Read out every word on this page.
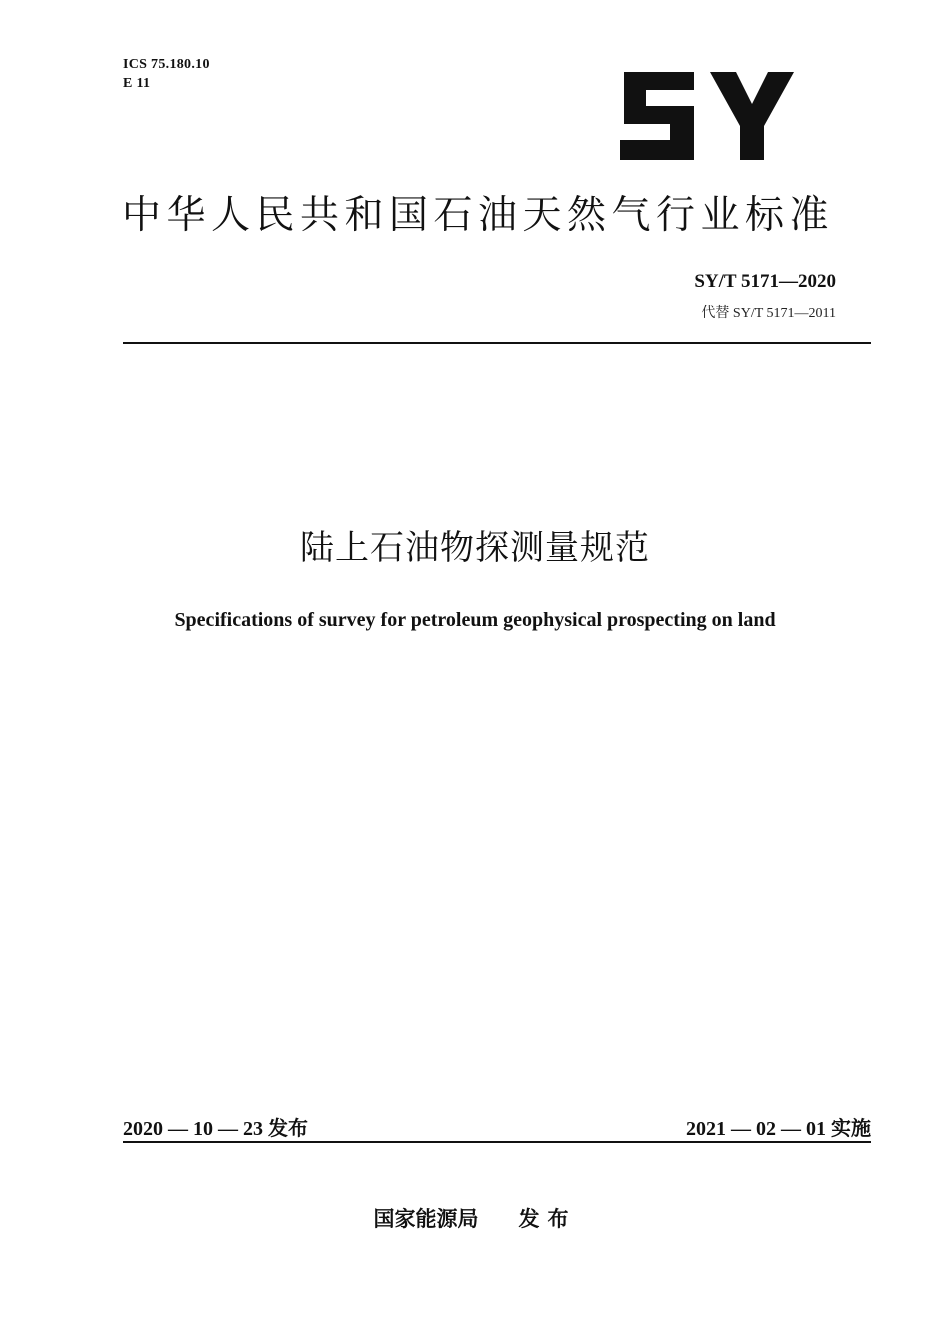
ICS 75.180.10
E 11
中华人民共和国石油天然气行业标准
SY/T 5171—2020
代替 SY/T 5171—2011
陆上石油物探测量规范
Specifications of survey for petroleum geophysical prospecting on land
2020 — 10 — 23 发布	2021 — 02 — 01 实施
国家能源局 发布
